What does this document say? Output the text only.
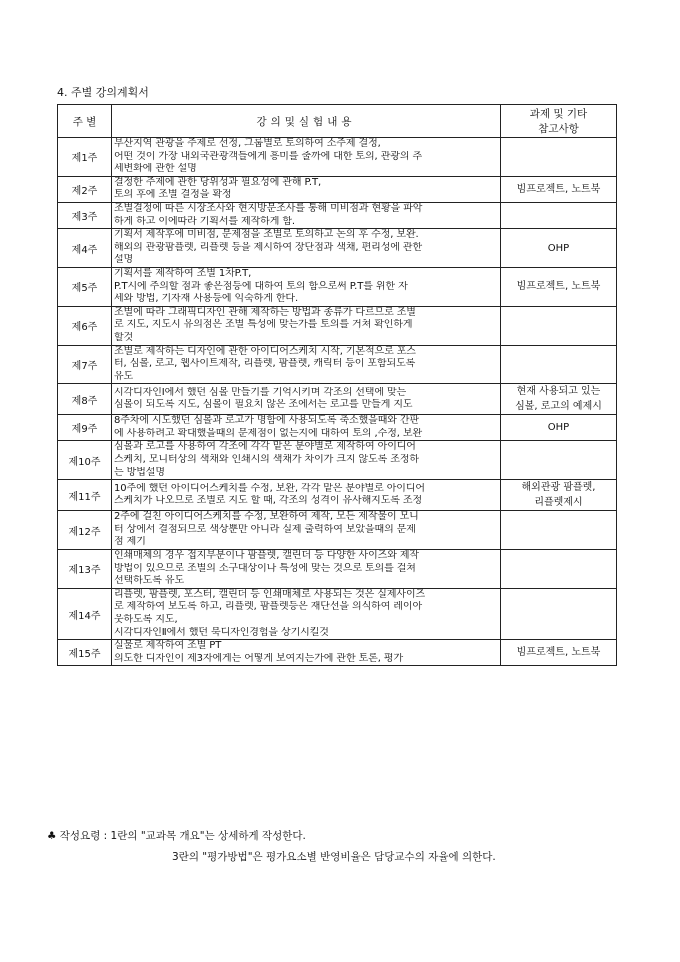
4. 주별 강의계획서
주 별	강의및실험내용	과제 및 기타
참고사항

제1주	부산지역 관광을 주제로 선정, 그룹별로 토의하여 소주제 결정,
어떤 것이 가장 내외국관광객들에게 흥미를 줄까에 대한 토의, 관광의 추
세변화에 관한 설명	

제2주	결정한 주제에 관한 당위성과 필요성에 관해 P.T,
토의 후에 조별 결정을 확정	빔프로젝트, 노트북

제3주	조별결정에 따른 시장조사와 현지방문조사를 통해 미비점과 현황을 파악
하게 하고 이에따라 기획서를 제작하게 함.	

제4주	기획서 제작후에 미비점, 문제점을 조별로 토의하고 논의 후 수정, 보완.
해외의 관광팜플렛, 리플렛 등을 제시하여 장단점과 색채, 편리성에 관한
설명	OHP

제5주	기획서를 제작하여 조별 1차P.T,
P.T시에 주의할 점과 좋은점등에 대하여 토의 함으로써 P.T를 위한 자
세와 방법, 기자재 사용등에 익숙하게 한다.	빔프로젝트, 노트북

제6주	조별에 따라 그래픽디자인 관해 제작하는 방법과 종류가 다르므로 조별
로 지도, 지도시 유의점은 조별 특성에 맞는가를 토의를 거쳐 확인하게
할것	

제7주	조별로 제작하는 디자인에 관한 아이디어스케치 시작, 기본적으로 포스
터, 심볼, 로고, 웹사이트제작, 리플렛, 팜플렛, 캐릭터 등이 포함되도록
유도	

제8주	시각디자인Ⅰ에서 했던 심볼 만들기를 기억시키며 각조의 선택에 맞는
심볼이 되도록 지도, 심볼이 필요치 않은 조에서는 로고를 만들게 지도	현재 사용되고 있는
심볼, 로고의 예제시

제9주	8주차에 시도했던 심볼과 로고가 명함에 사용되도록 축소했을때와 간판
에 사용하려고 확대했을때의 문제점이 없는지에 대하여 토의 ,수정, 보완	OHP

제10주	심볼과 로고를 사용하여 각조에 각각 맡은 분야별로 제작하여 아이디어
스케치, 모니터상의 색채와 인쇄시의 색채가 차이가 크지 않도록 조정하
는 방법설명	

제11주	10주에 했던 아이디어스케치를 수정, 보완, 각각 맡은 분야별로 아이디어
스케치가 나오므로 조별로 지도 할 때, 각조의 성격이 유사해지도록 조정	해외관광 팜플렛,
리플렛제시

제12주	2주에 걸친 아이디어스케치를 수정, 보완하여 제작, 모든 제작물이 모니
터 상에서 결점되므로 색상뿐만 아니라 실제 출력하여 보았을때의 문제
점 제기	

제13주	인쇄매체의 경우 접지부분이나 팜플렛, 캘린더 등 다양한 사이즈와 제작
방법이 있으므로 조별의 소구대상이나 특성에 맞는 것으로 토의를 걸쳐
선택하도록 유도	

제14주	리플렛, 팜플렛, 포스터, 캘린더 등 인쇄매체로 사용되는 것은 실제사이즈
로 제작하여 보도록 하고, 리플렛, 팜플렛등은 재단선을 의식하여 레이아
웃하도록 지도,
시각디자인Ⅱ에서 했던 북디자인경험을 상기시킬것	

제15주	실물로 제작하여 조별 PT
의도한 디자인이 제3자에게는 어떻게 보여지는가에 관한 토론, 평가	빔프로젝트, 노트북
♣ 작성요령 : 1란의 "교과목 개요"는 상세하게 작성한다.
3란의 "평가방법"은 평가요소별 반영비율은 담당교수의 자율에 의한다.
